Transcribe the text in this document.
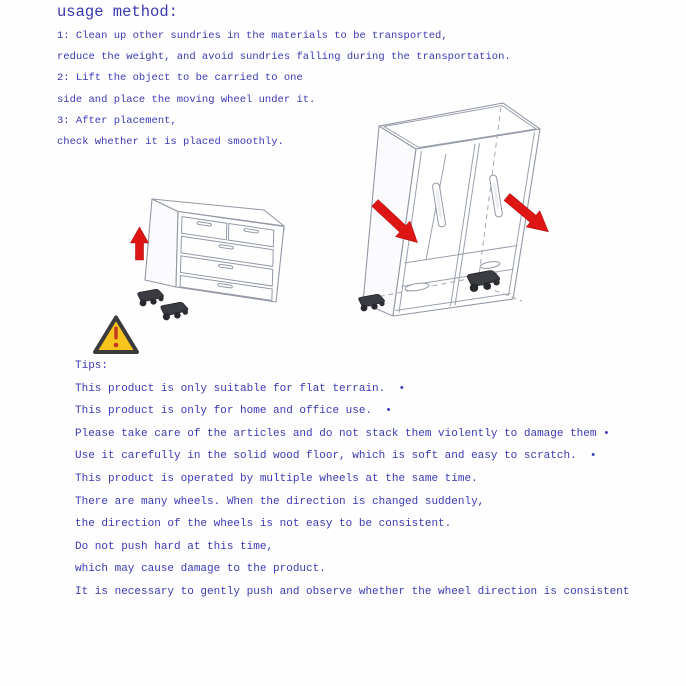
usage method:
1: Clean up other sundries in the materials to be transported,
reduce the weight, and avoid sundries falling during the transportation.
2: Lift the object to be carried to one
side and place the moving wheel under it.
3: After placement,
check whether it is placed smoothly.
Tips:
This product is only suitable for flat terrain.  •
This product is only for home and office use.  •
Please take care of the articles and do not stack them violently to damage them •
Use it carefully in the solid wood floor, which is soft and easy to scratch.  •
This product is operated by multiple wheels at the same time.
There are many wheels. When the direction is changed suddenly,
the direction of the wheels is not easy to be consistent.
Do not push hard at this time,
which may cause damage to the product.
It is necessary to gently push and observe whether the wheel direction is consistent
